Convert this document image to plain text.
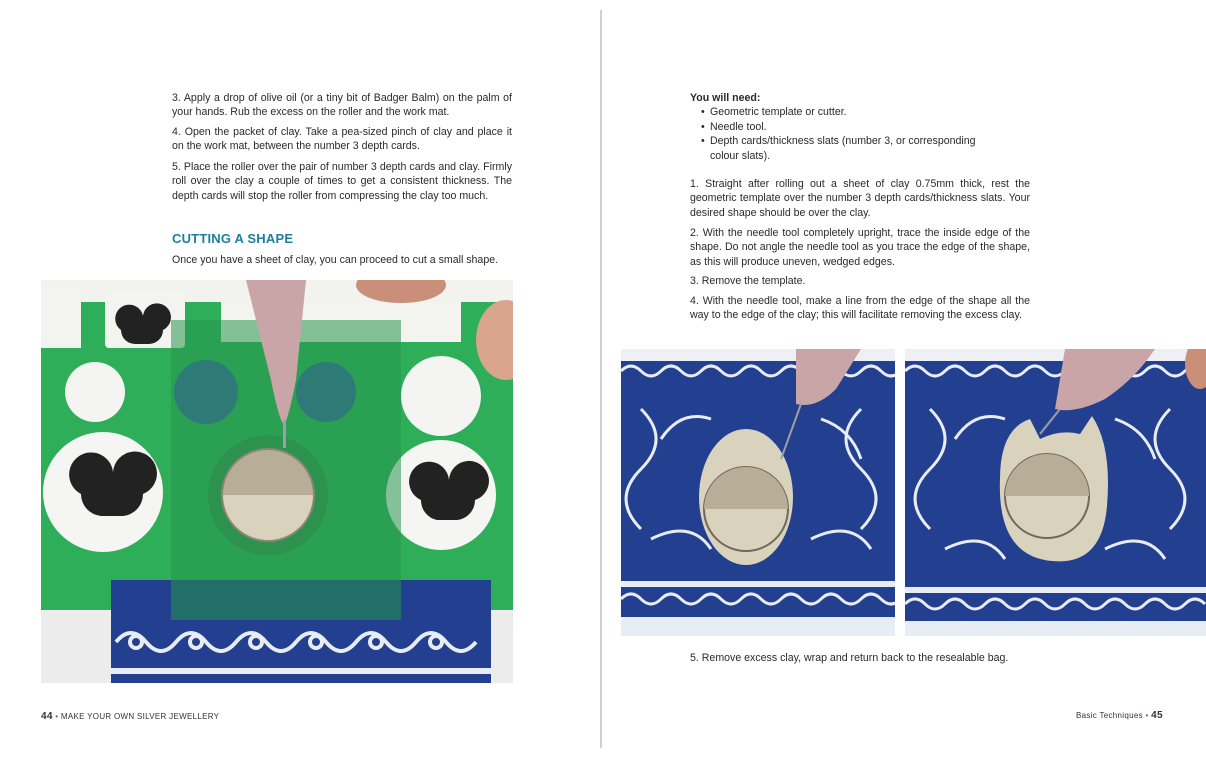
3. Apply a drop of olive oil (or a tiny bit of Badger Balm) on the palm of your hands. Rub the excess on the roller and the work mat.

4. Open the packet of clay. Take a pea-sized pinch of clay and place it on the work mat, between the number 3 depth cards.

5. Place the roller over the pair of number 3 depth cards and clay. Firmly roll over the clay a couple of times to get a consistent thickness. The depth cards will stop the roller from compressing the clay too much.

CUTTING A SHAPE

Once you have a sheet of clay, you can proceed to cut a small shape.

44 • MAKE YOUR OWN SILVER JEWELLERY
You will need:
• Geometric template or cutter.
• Needle tool.
• Depth cards/thickness slats (number 3, or corresponding colour slats).

1. Straight after rolling out a sheet of clay 0.75mm thick, rest the geometric template over the number 3 depth cards/thickness slats. Your desired shape should be over the clay.

2. With the needle tool completely upright, trace the inside edge of the shape. Do not angle the needle tool as you trace the edge of the shape, as this will produce uneven, wedged edges.

3. Remove the template.

4. With the needle tool, make a line from the edge of the shape all the way to the edge of the clay; this will facilitate removing the excess clay.

5. Remove excess clay, wrap and return back to the resealable bag.

Basic Techniques • 45
